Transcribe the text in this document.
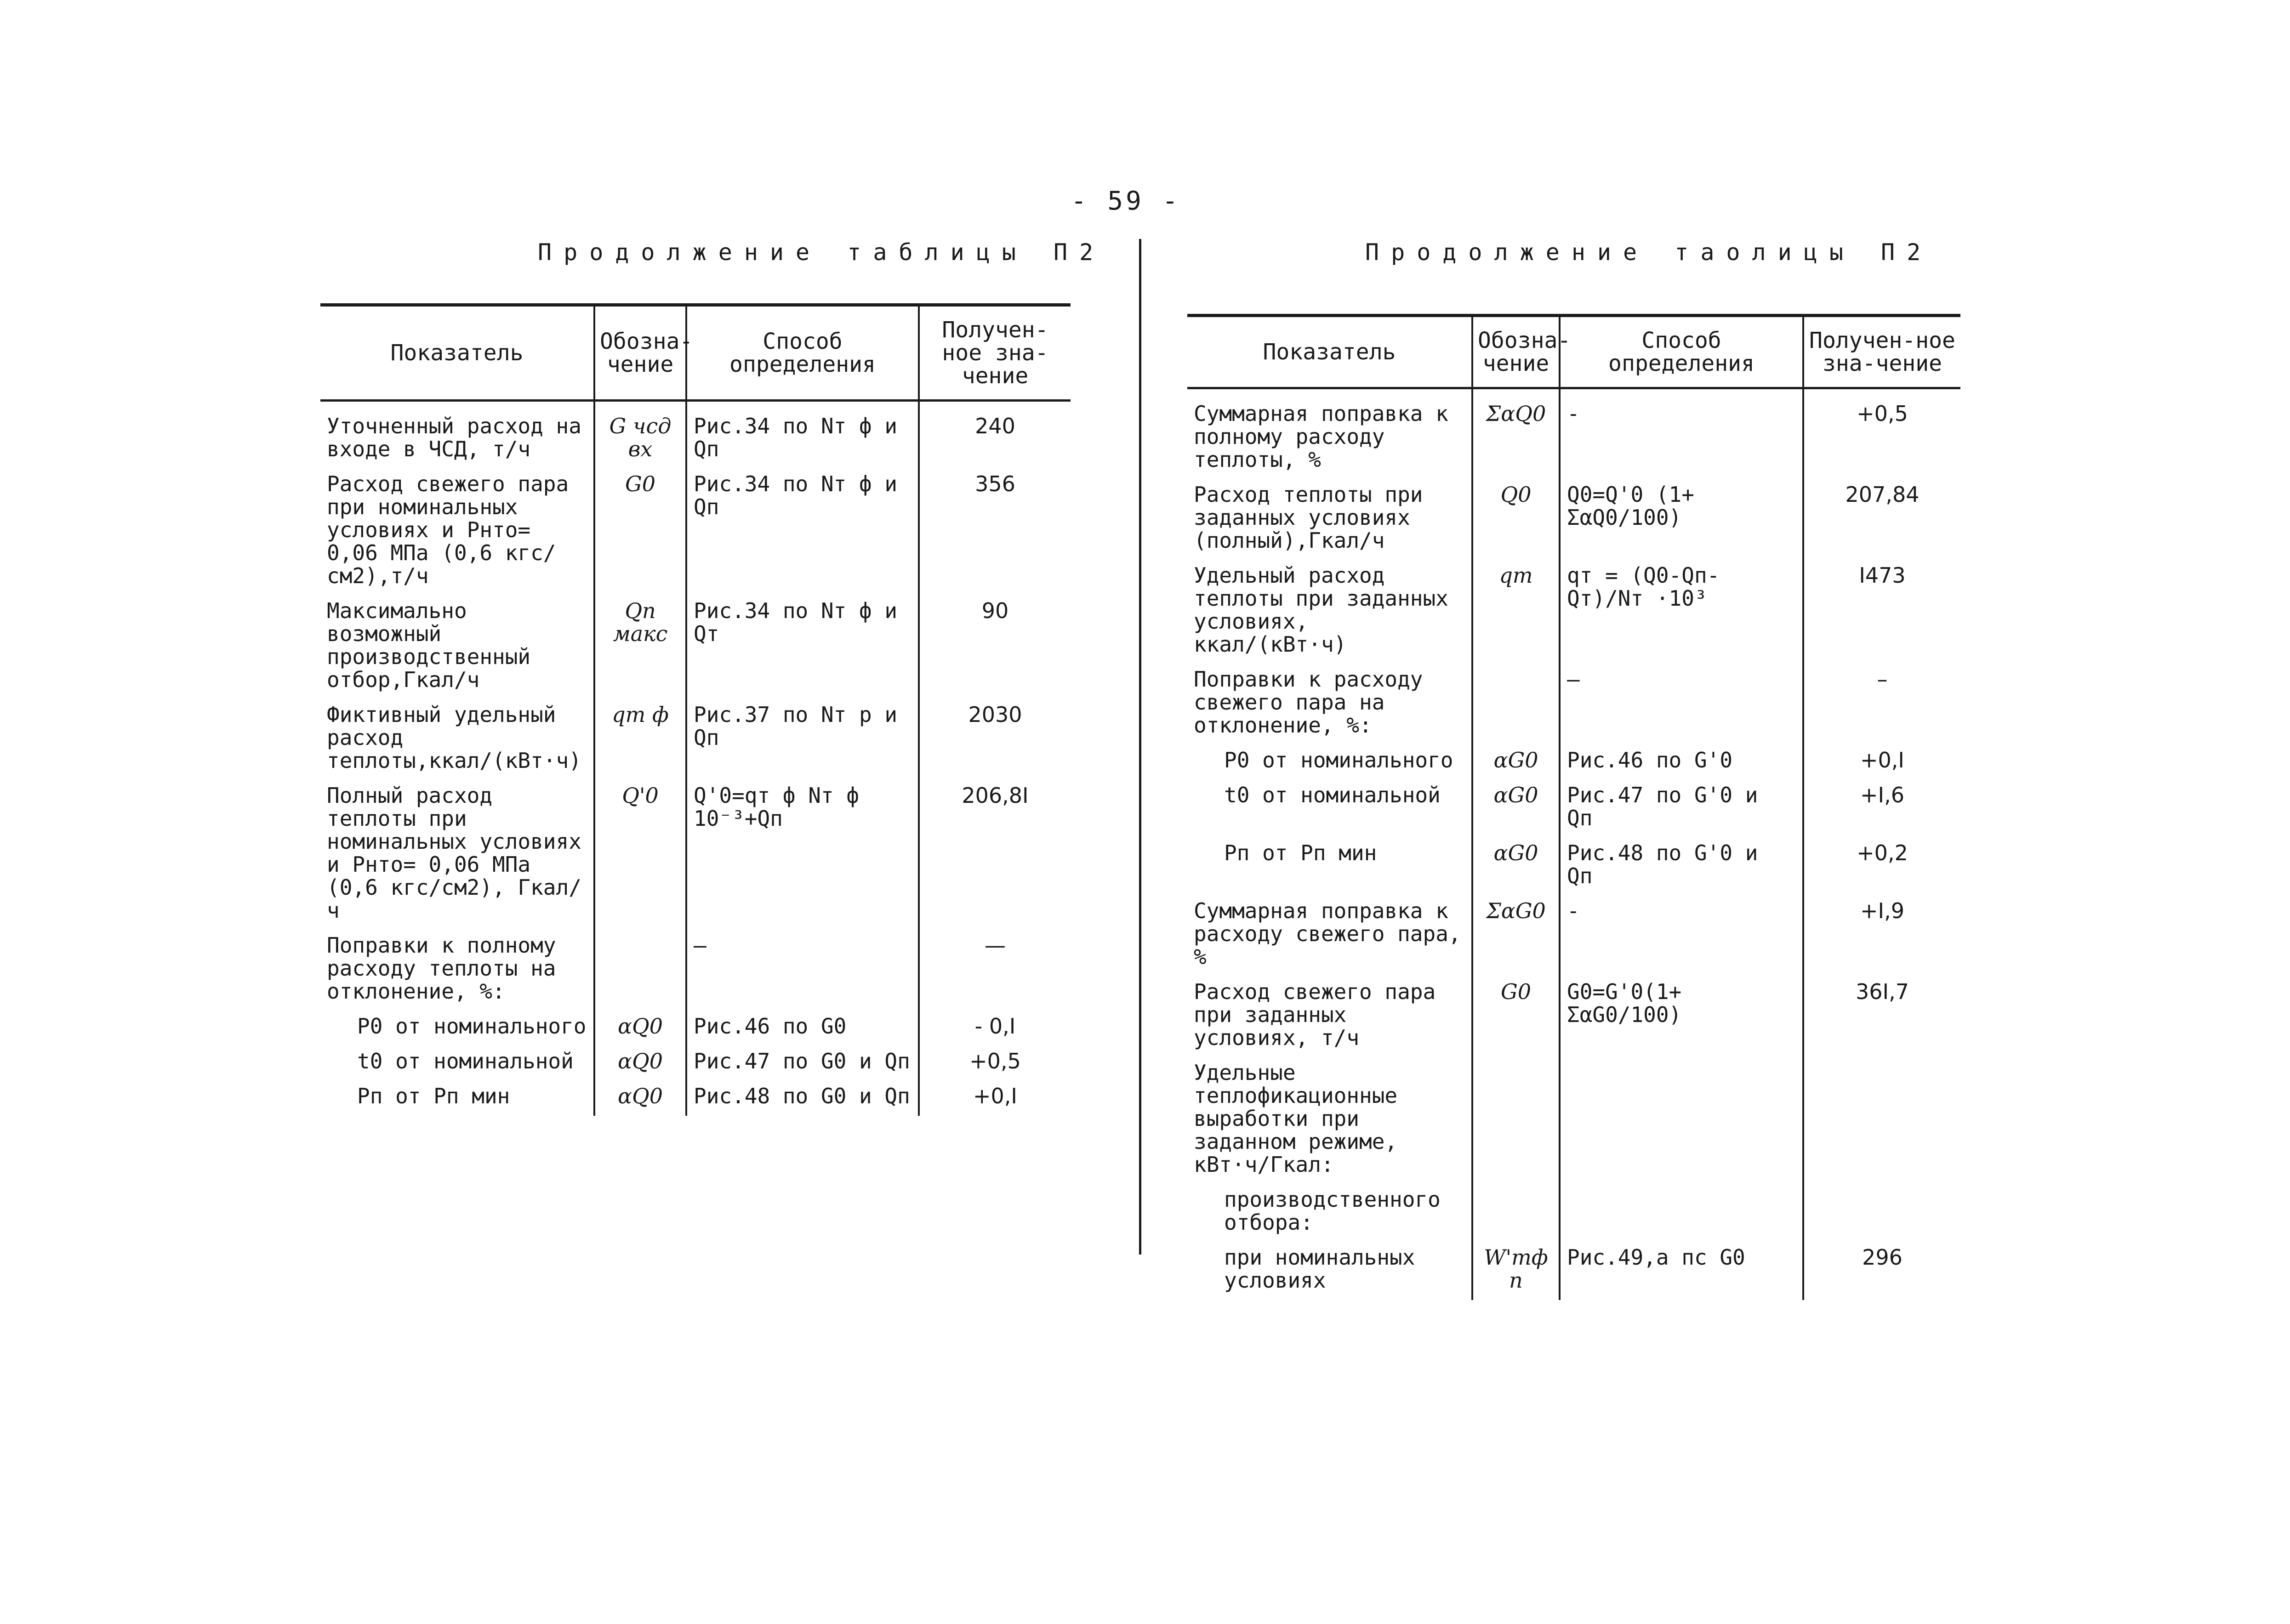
- 59 -
Продолжение таблицы П2	Продолжение таолицы П2
Показатель	Обозна-чение	Способ определения	Получен-ное зна-чение
Уточненный расход на входе в ЧСД, т/ч	G чсд вх	Рис.34 по Nт ф и Qп	240
Расход свежего пара при номинальных условиях и Pнто= 0,06 МПа (0,6 кгс/см2),т/ч	G0	Рис.34 по Nт ф и Qп	356
Максимально возможный производственный отбор,Гкал/ч	Qп макс	Рис.34 по Nт ф и Qт	90
Фиктивный удельный расход теплоты,ккал/(кВт·ч)	qт ф	Рис.37 по Nт р и Qп	2030
Полный расход теплоты при номинальных условиях и Pнто= 0,06 МПа (0,6 кгс/см2), Гкал/ч	Q'0	Q'0=qт ф Nт ф 10⁻³+Qп	206,8I
Поправки к полному расходу теплоты на отклонение, %:		—	—
P0 от номинального	αQ0	Рис.46 по G0	- 0,I
t0 от номинальной	αQ0	Рис.47 по G0 и Qп	+0,5
Pп от Pп мин	αQ0	Рис.48 по G0 и Qп	+0,I
Показатель	Обозна-чение	Способ определения	Получен-ное зна-чение
Суммарная поправка к полному расходу теплоты, %	ΣαQ0	-	+0,5
Расход теплоты при заданных условиях (полный),Гкал/ч	Q0	Q0=Q'0 (1+ ΣαQ0/100)	207,84
Удельный расход теплоты при заданных условиях, ккал/(кВт·ч)	qт	qт = (Q0-Qп-Qт)/Nт ·10³	I473
Поправки к расходу свежего пара на отклонение, %:		–	–
P0 от номинального	αG0	Рис.46 по G'0	+0,I
t0 от номинальной	αG0	Рис.47 по G'0 и Qп	+I,6
Pп от Pп мин	αG0	Рис.48 по G'0 и Qп	+0,2
Суммарная поправка к расходу свежего пара, %	ΣαG0	-	+I,9
Расход свежего пара при заданных условиях, т/ч	G0	G0=G'0(1+ ΣαG0/100)	36I,7
Удельные теплофикационные выработки при заданном режиме, кВт·ч/Гкал:			
производственного отбора:			
при номинальных условиях	W'тф п	Рис.49,а пс G0	296
